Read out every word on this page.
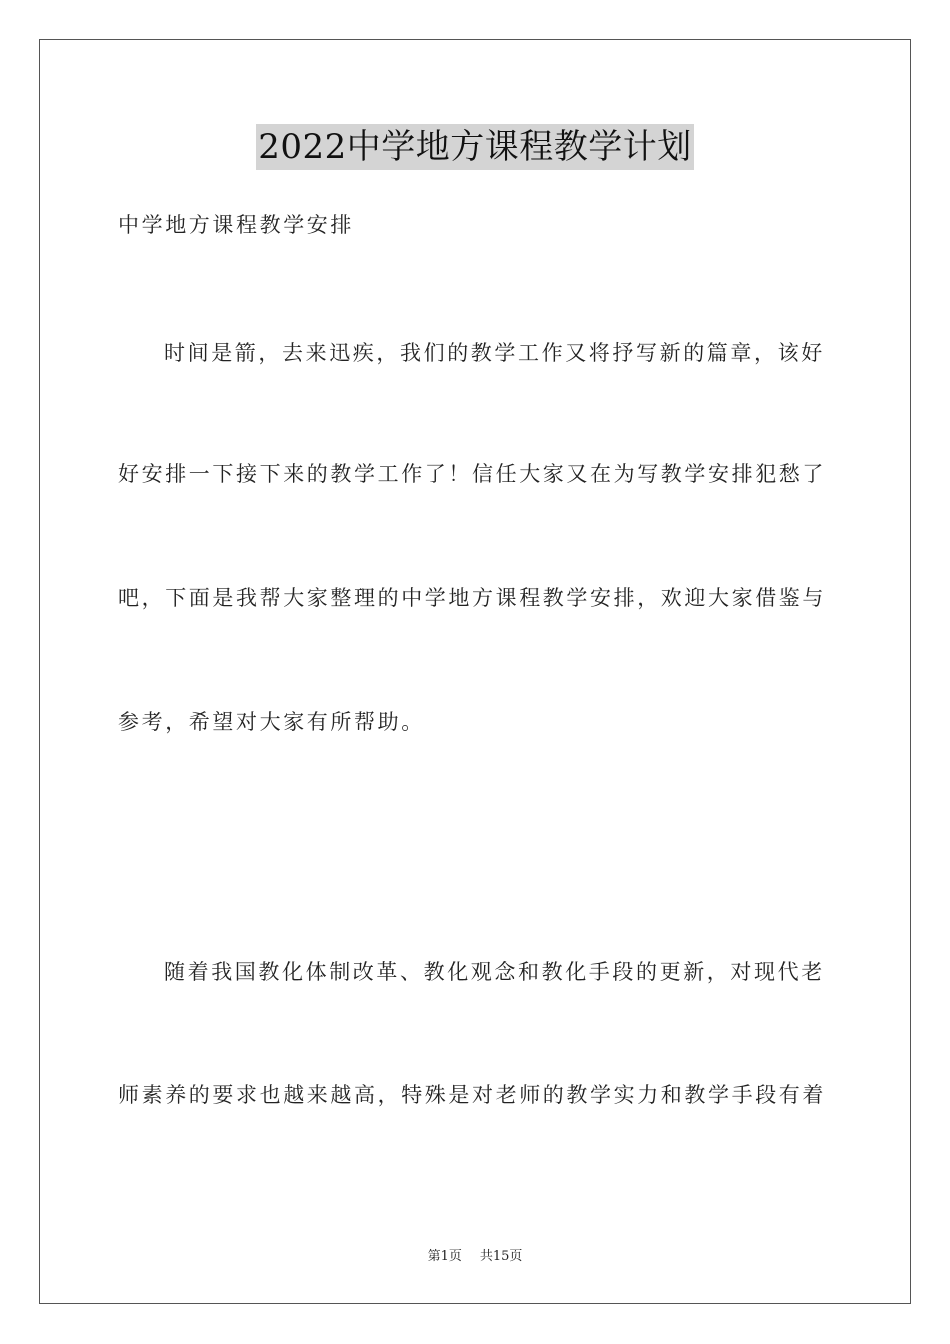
2022中学地方课程教学计划
中学地方课程教学安排
时间是箭，去来迅疾，我们的教学工作又将抒写新的篇章，该好
好安排一下接下来的教学工作了！信任大家又在为写教学安排犯愁了
吧，下面是我帮大家整理的中学地方课程教学安排，欢迎大家借鉴与
参考，希望对大家有所帮助。
随着我国教化体制改革、教化观念和教化手段的更新，对现代老
师素养的要求也越来越高，特殊是对老师的教学实力和教学手段有着
第1页 共15页
